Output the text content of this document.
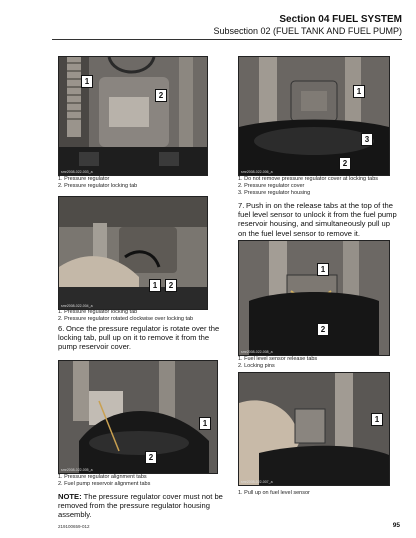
Section 04 FUEL SYSTEM
Subsection 02 (FUEL TANK AND FUEL PUMP)
1
2
smr2008-022-003_a
1. Pressure regulator
2. Pressure regulator locking tab
1	2
smr2008-022-004_a
1. Pressure regulator locking tab
2. Pressure regulator rotated clockwise over locking tab
6. Once the pressure regulator is rotate over the locking tab, pull up on it to remove it from the pump reservoir cover.
1
2
smr2008-022-005_a
1. Pressure regulator alignment tabs
2. Fuel pump reservoir alignment tabs
NOTE: The pressure regulator cover must not be removed from the pressure regulator housing assembly.
1
3
2
smr2008-022-006_a
1. Do not remove pressure regulator cover at locking tabs
2. Pressure regulator cover
3. Pressure regulator housing
7. Push in on the release tabs at the top of the fuel level sensor to unlock it from the fuel pump reservoir housing, and simultaneously pull up on the fuel level sensor to remove it.
1
2
smr2008-022-008_a
1. Fuel level sensor release tabs
2. Locking pins
1
smr2008-022-007_a
1. Pull up on fuel level sensor
219100659-012	95
